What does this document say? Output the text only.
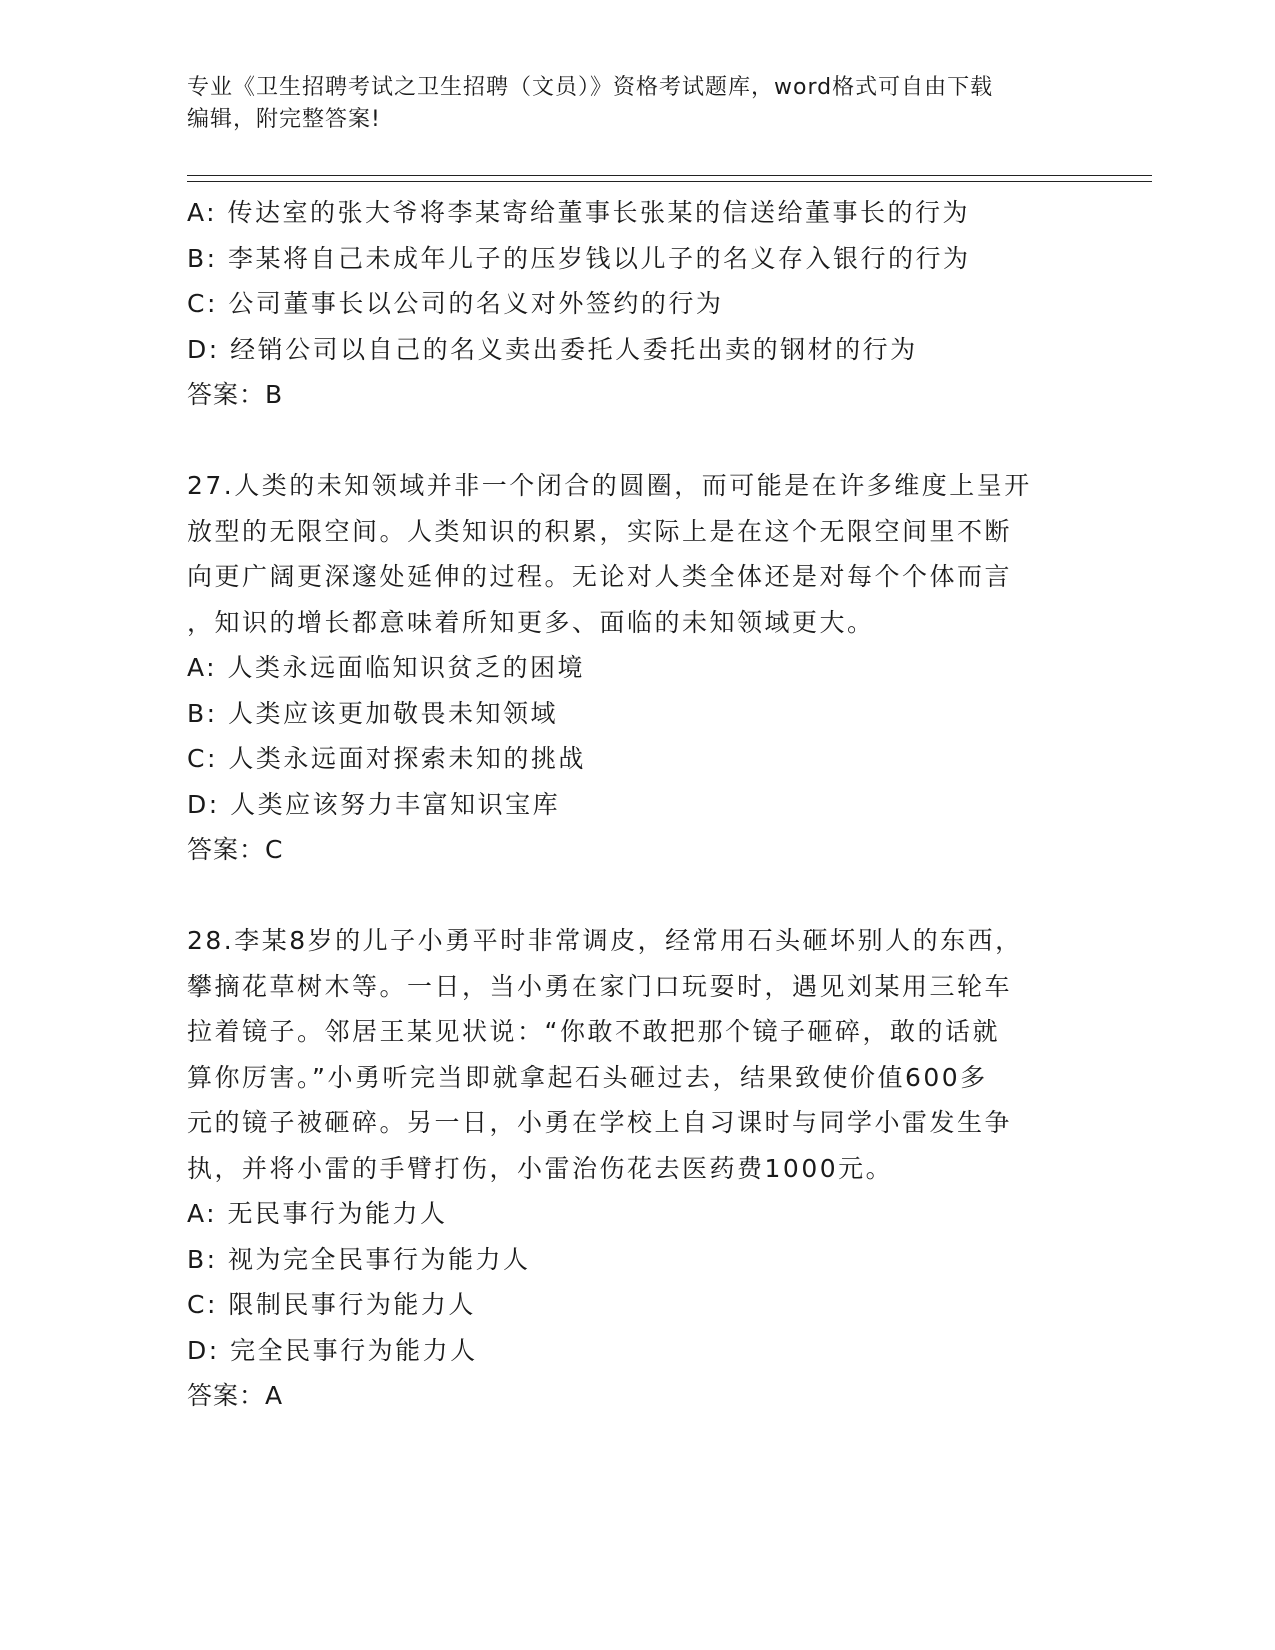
专业《卫生招聘考试之卫生招聘（文员）》资格考试题库，word格式可自由下载
编辑，附完整答案!
A: 传达室的张大爷将李某寄给董事长张某的信送给董事长的行为
B: 李某将自己未成年儿子的压岁钱以儿子的名义存入银行的行为
C: 公司董事长以公司的名义对外签约的行为
D: 经销公司以自己的名义卖出委托人委托出卖的钢材的行为
答案：B
27.人类的未知领域并非一个闭合的圆圈，而可能是在许多维度上呈开
放型的无限空间。人类知识的积累，实际上是在这个无限空间里不断
向更广阔更深邃处延伸的过程。无论对人类全体还是对每个个体而言
，知识的增长都意味着所知更多、面临的未知领域更大。
A: 人类永远面临知识贫乏的困境
B: 人类应该更加敬畏未知领域
C: 人类永远面对探索未知的挑战
D: 人类应该努力丰富知识宝库
答案：C
28.李某8岁的儿子小勇平时非常调皮，经常用石头砸坏别人的东西，
攀摘花草树木等。一日，当小勇在家门口玩耍时，遇见刘某用三轮车
拉着镜子。邻居王某见状说：“你敢不敢把那个镜子砸碎，敢的话就
算你厉害。”小勇听完当即就拿起石头砸过去，结果致使价值600多
元的镜子被砸碎。另一日，小勇在学校上自习课时与同学小雷发生争
执，并将小雷的手臂打伤，小雷治伤花去医药费1000元。
A: 无民事行为能力人
B: 视为完全民事行为能力人
C: 限制民事行为能力人
D: 完全民事行为能力人
答案：A
